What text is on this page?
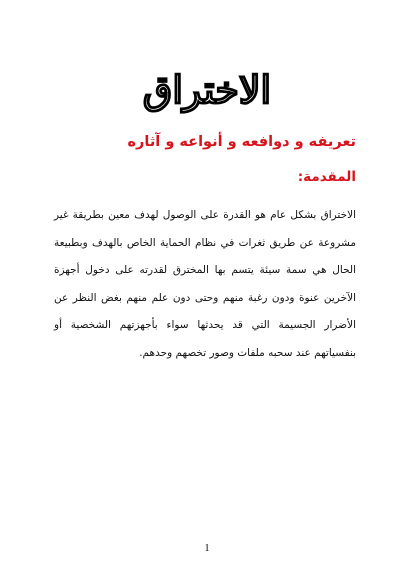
الاختراق
تعريفه و دوافعه و أنواعه و آثاره
المقدمة:
الاختراق بشكل عام هو القدرة على الوصول لهدف معين بطريقة غير مشروعة عن طريق ثغرات في نظام الحماية الخاص بالهدف وبطبيعة الحال هي سمة سيئة يتسم بها المخترق لقدرته على دخول أجهزة الآخرين عنوة ودون رغبة منهم وحتى دون علم منهم بغض النظر عن الأضرار الجسيمة التي قد يحدثها سواء بأجهزتهم الشخصية أو بنفسياتهم عند سحبه ملفات وصور تخصهم وحدهم.
1
